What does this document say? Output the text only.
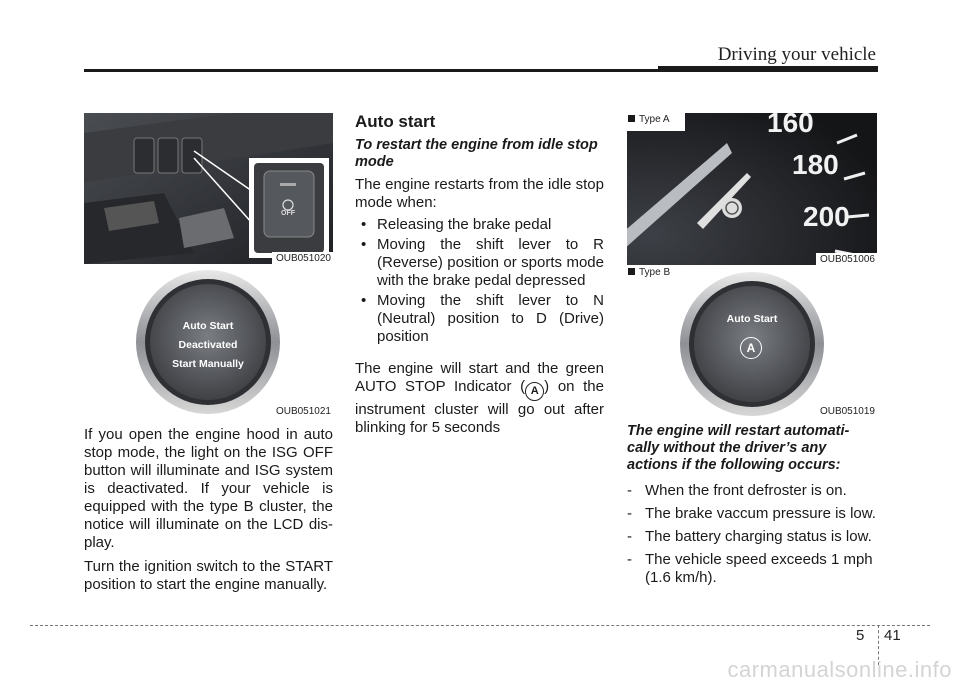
Driving your vehicle
OFF
OUB051020
Auto Start
Deactivated
Start Manually
OUB051021

If you open the engine hood in auto stop mode, the light on the ISG OFF button will illuminate and ISG system is deactivated. If your vehicle is equipped with the type B cluster, the notice will illuminate on the LCD dis-play.

Turn the ignition switch to the START position to start the engine manually.

Auto start
To restart the engine from idle stop mode

The engine restarts from the idle stop mode when:

• Releasing the brake pedal
• Moving the shift lever to R (Reverse) position or sports mode with the brake pedal depressed
• Moving the shift lever to N (Neutral) position to D (Drive) position

The engine will start and the green AUTO STOP Indicator ( A ) on the instrument cluster will go out after blinking for 5 seconds

160
180
200
OUB051006
Type A
Type B
Auto Start
A
OUB051019
The engine will restart automati-cally without the driver’s any actions if the following occurs:
- When the front defroster is on.
- The brake vaccum pressure is low.
- The battery charging status is low.
- The vehicle speed exceeds 1 mph (1.6 km/h).
5 41
carmanualsonline.info
